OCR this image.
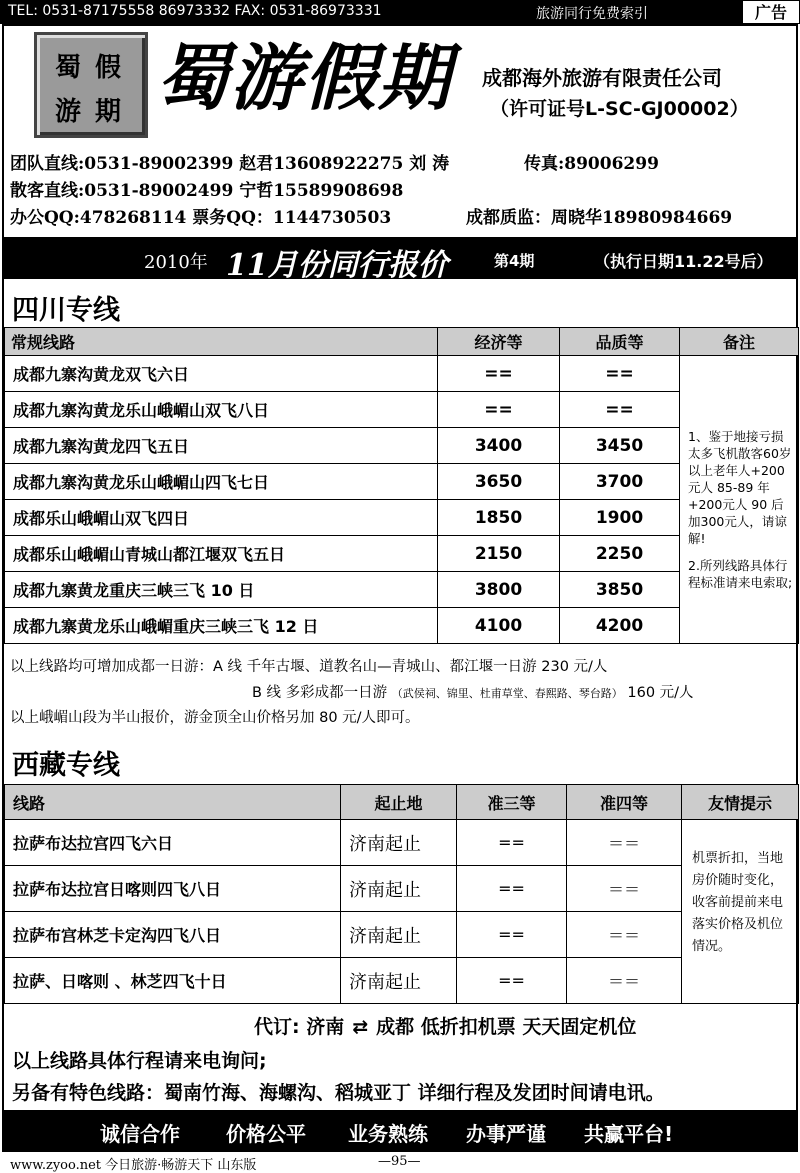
TEL: 0531-87175558 86973332 FAX: 0531-86973331	旅游同行免费索引	广告
蜀 假
游 期 蜀游假期 成都海外旅游有限责任公司
（许可证号L-SC-GJ00002）
团队直线:0531-89002399 赵君13608922275 刘 涛	传真:89006299
散客直线:0531-89002499 宁哲15589908698
办公QQ:478268114 票务QQ：1144730503	成都质监：周晓华18980984669
2010年 11月份同行报价	第4期	（执行日期11.22号后）
四川专线
常规线路	经济等	品质等	备注
成都九寨沟黄龙双飞六日	==	==	1、鉴于地接亏损太多飞机散客60岁以上老年人+200 元人 85-89 年+200元人 90 后加300元人，请谅解!
2.所列线路具体行程标准请来电索取;

成都九寨沟黄龙乐山峨嵋山双飞八日	==	==	
成都九寨沟黄龙四飞五日	3400	3450	
成都九寨沟黄龙乐山峨嵋山四飞七日	3650	3700	
成都乐山峨嵋山双飞四日	1850	1900	
成都乐山峨嵋山青城山都江堰双飞五日	2150	2250	
成都九寨黄龙重庆三峡三飞 10 日	3800	3850	
成都九寨黄龙乐山峨嵋重庆三峡三飞 12 日	4100	4200	
以上线路均可增加成都一日游：A 线 千年古堰、道教名山—青城山、都江堰一日游 230 元/人
B 线 多彩成都一日游 （武侯祠、锦里、杜甫草堂、春熙路、琴台路） 160 元/人
以上峨嵋山段为半山报价，游金顶全山价格另加 80 元/人即可。
西藏专线
线路	起止地	准三等	准四等	友情提示
拉萨布达拉宫四飞六日	济南起止	==	＝＝	机票折扣，当地房价随时变化，收客前提前来电落实价格及机位情况。
拉萨布达拉宫日喀则四飞八日	济南起止	==	＝＝	
拉萨布宫林芝卡定沟四飞八日	济南起止	==	＝＝	
拉萨、日喀则 、林芝四飞十日	济南起止	==	＝＝	
代订: 济南 ⇄ 成都 低折扣机票 天天固定机位
以上线路具体行程请来电询问;
另备有特色线路：蜀南竹海、海螺沟、稻城亚丁 详细行程及发团时间请电讯。
诚信合作 价格公平 业务熟练 办事严谨 共赢平台!
www.zyoo.net 今日旅游·畅游天下 山东版	—95—
